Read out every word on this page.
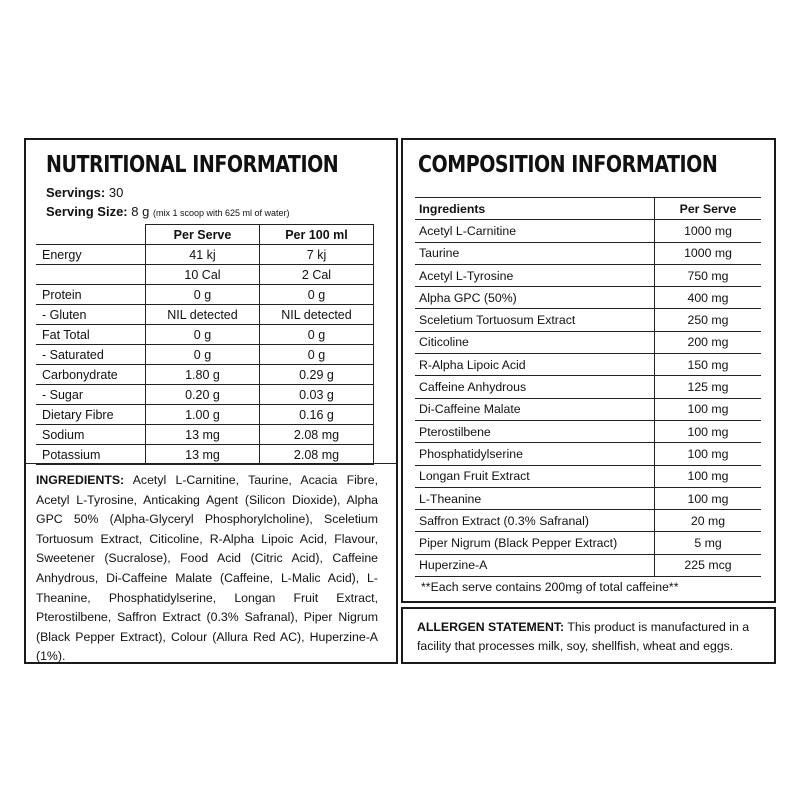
NUTRITIONAL INFORMATION
Servings: 30
Serving Size: 8 g (mix 1 scoop with 625 ml of water)
	Per Serve	Per 100 ml
Energy	41 kj	7 kj
	10 Cal	2 Cal
Protein	0 g	0 g
- Gluten	NIL detected	NIL detected
Fat Total	0 g	0 g
- Saturated	0 g	0 g
Carbonydrate	1.80 g	0.29 g
- Sugar	0.20 g	0.03 g
Dietary Fibre	1.00 g	0.16 g
Sodium	13 mg	2.08 mg
Potassium	13 mg	2.08 mg
INGREDIENTS: Acetyl L-Carnitine, Taurine, Acacia Fibre, Acetyl L-Tyrosine, Anticaking Agent (Silicon Dioxide), Alpha GPC 50% (Alpha-Glyceryl Phosphorylcholine), Sceletium Tortuosum Extract, Citicoline, R-Alpha Lipoic Acid, Flavour, Sweetener (Sucralose), Food Acid (Citric Acid), Caffeine Anhydrous, Di-Caffeine Malate (Caffeine, L-Malic Acid), L-Theanine, Phosphatidylserine, Longan Fruit Extract, Pterostilbene, Saffron Extract (0.3% Safranal), Piper Nigrum (Black Pepper Extract), Colour (Allura Red AC), Huperzine-A (1%).
COMPOSITION INFORMATION
Ingredients	Per Serve
Acetyl L-Carnitine	1000 mg
Taurine	1000 mg
Acetyl L-Tyrosine	750 mg
Alpha GPC (50%)	400 mg
Sceletium Tortuosum Extract	250 mg
Citicoline	200 mg
R-Alpha Lipoic Acid	150 mg
Caffeine Anhydrous	125 mg
Di-Caffeine Malate	100 mg
Pterostilbene	100 mg
Phosphatidylserine	100 mg
Longan Fruit Extract	100 mg
L-Theanine	100 mg
Saffron Extract (0.3% Safranal)	20 mg
Piper Nigrum (Black Pepper Extract)	5 mg
Huperzine-A	225 mcg
**Each serve contains 200mg of total caffeine**
ALLERGEN STATEMENT: This product is manufactured in a facility that processes milk, soy, shellfish, wheat and eggs.
